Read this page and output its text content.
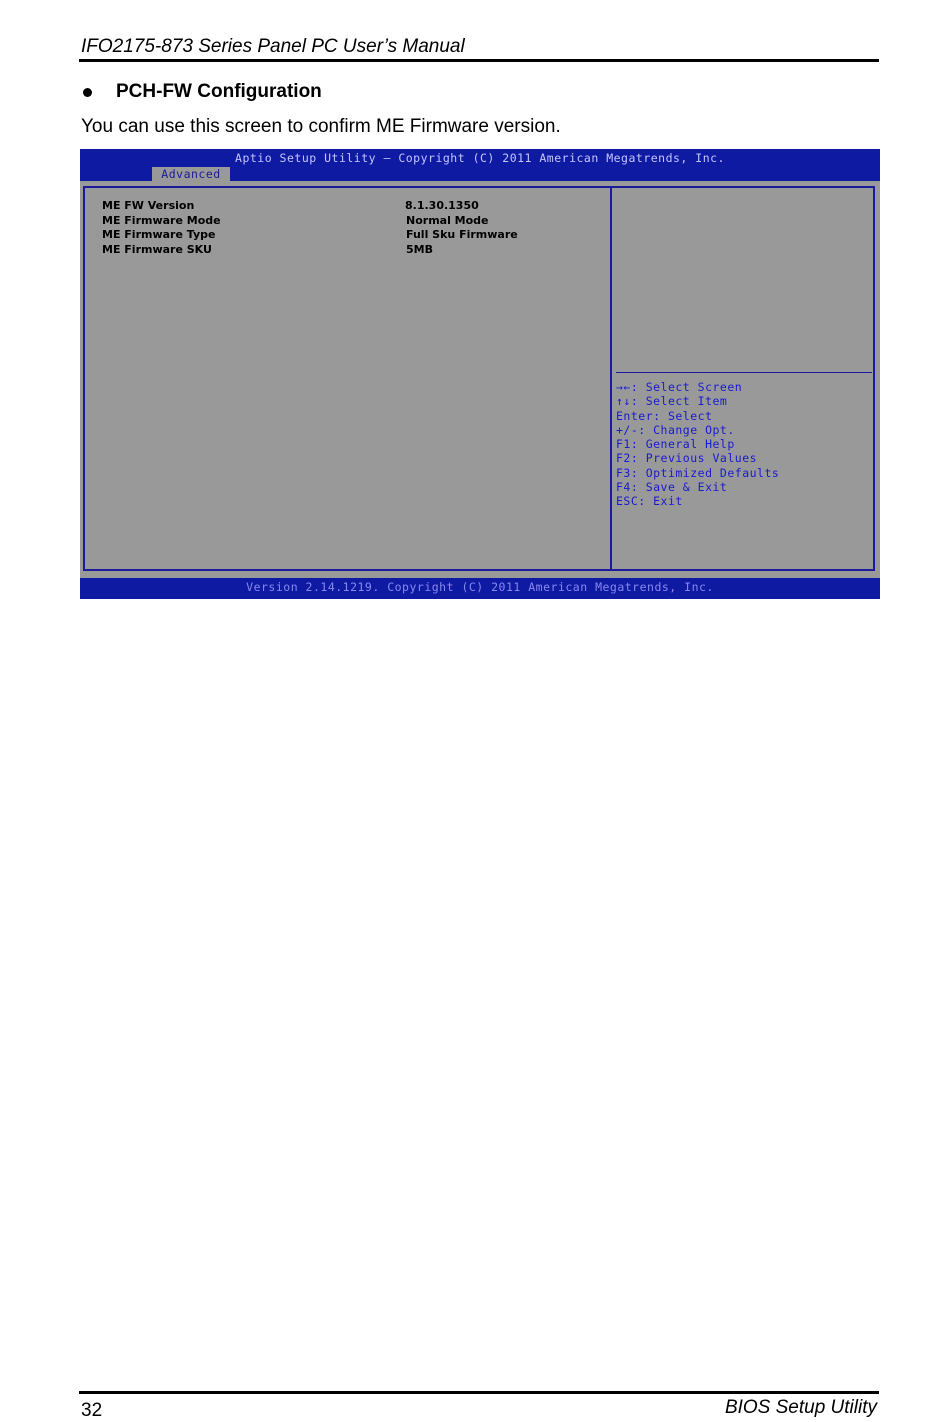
IFO2175-873 Series Panel PC User’s Manual
PCH-FW Configuration
You can use this screen to confirm ME Firmware version.
Aptio Setup Utility – Copyright (C) 2011 American Megatrends, Inc.
Advanced
ME FW Version	8.1.30.1350
ME Firmware Mode	Normal Mode
ME Firmware Type	Full Sku Firmware
ME Firmware SKU	5MB
→←: Select Screen
↑↓: Select Item
Enter: Select
+/-: Change Opt.
F1: General Help
F2: Previous Values
F3: Optimized Defaults
F4: Save & Exit
ESC: Exit
Version 2.14.1219. Copyright (C) 2011 American Megatrends, Inc.
32	BIOS Setup Utility
